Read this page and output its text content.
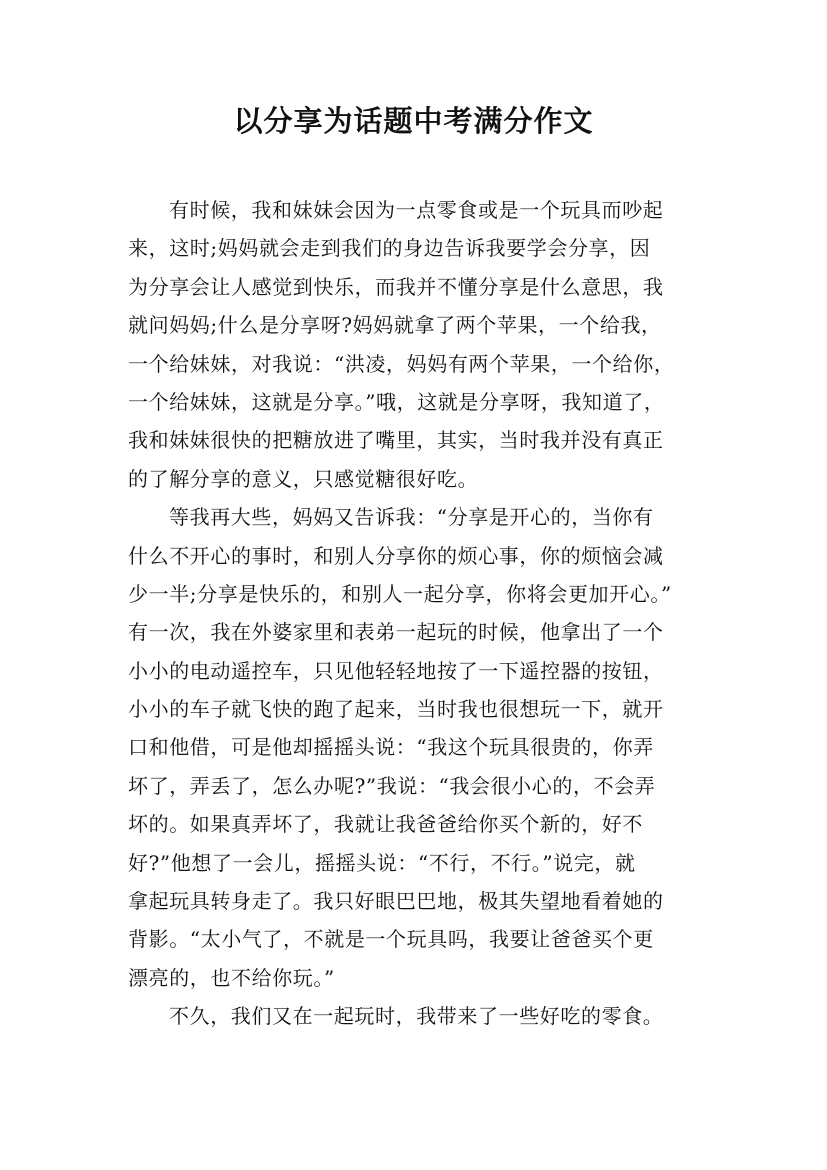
以分享为话题中考满分作文
有时候，我和妹妹会因为一点零食或是一个玩具而吵起
来，这时;妈妈就会走到我们的身边告诉我要学会分享，因
为分享会让人感觉到快乐，而我并不懂分享是什么意思，我
就问妈妈;什么是分享呀?妈妈就拿了两个苹果，一个给我，
一个给妹妹，对我说：“洪凌，妈妈有两个苹果，一个给你，
一个给妹妹，这就是分享。”哦，这就是分享呀，我知道了，
我和妹妹很快的把糖放进了嘴里，其实，当时我并没有真正
的了解分享的意义，只感觉糖很好吃。
等我再大些，妈妈又告诉我：“分享是开心的，当你有
什么不开心的事时，和别人分享你的烦心事，你的烦恼会减
少一半;分享是快乐的，和别人一起分享，你将会更加开心。”
有一次，我在外婆家里和表弟一起玩的时候，他拿出了一个
小小的电动遥控车，只见他轻轻地按了一下遥控器的按钮，
小小的车子就飞快的跑了起来，当时我也很想玩一下，就开
口和他借，可是他却摇摇头说：“我这个玩具很贵的，你弄
坏了，弄丢了，怎么办呢?”我说：“我会很小心的，不会弄
坏的。如果真弄坏了，我就让我爸爸给你买个新的，好不
好?”他想了一会儿，摇摇头说：“不行，不行。”说完，就
拿起玩具转身走了。我只好眼巴巴地，极其失望地看着她的
背影。“太小气了，不就是一个玩具吗，我要让爸爸买个更
漂亮的，也不给你玩。”
不久，我们又在一起玩时，我带来了一些好吃的零食。
